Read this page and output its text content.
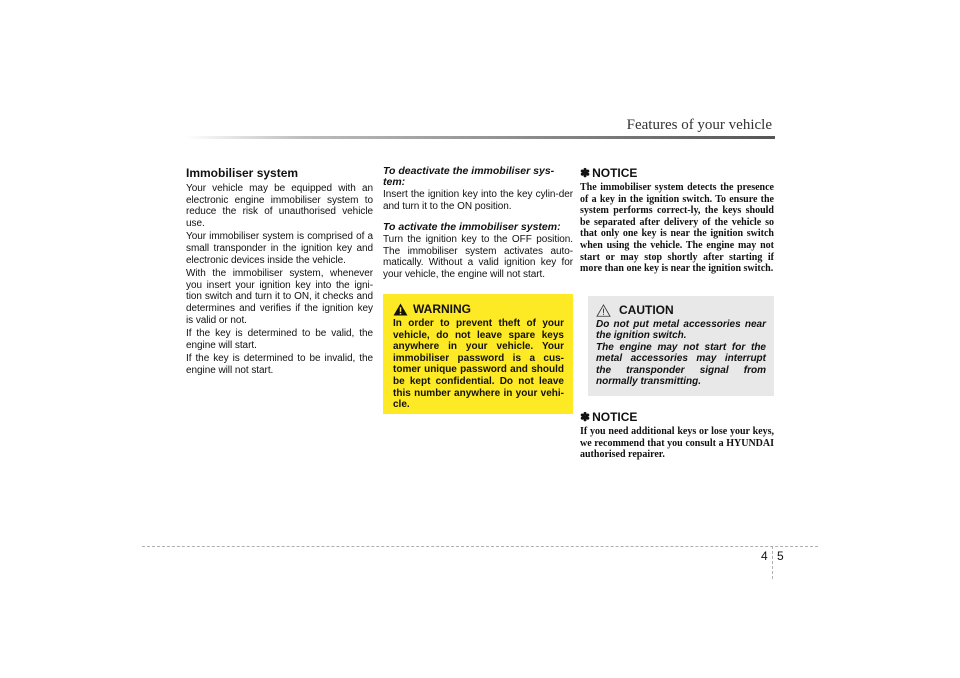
Features of your vehicle
Immobiliser system

Your vehicle may be equipped with an electronic engine immobiliser system to reduce the risk of unauthorised vehicle use.

Your immobiliser system is comprised of a small transponder in the ignition key and electronic devices inside the vehicle.

With the immobiliser system, whenever you insert your ignition key into the igni-tion switch and turn it to ON, it checks and determines and verifies if the ignition key is valid or not.

If the key is determined to be valid, the engine will start.

If the key is determined to be invalid, the engine will not start.

To deactivate the immobiliser sys-tem:

Insert the ignition key into the key cylin-der and turn it to the ON position.

To activate the immobiliser system:

Turn the ignition key to the OFF position. The immobiliser system activates auto-matically. Without a valid ignition key for your vehicle, the engine will not start.

WARNING

In order to prevent theft of your vehicle, do not leave spare keys anywhere in your vehicle. Your immobiliser password is a cus-tomer unique password and should be kept confidential. Do not leave this number anywhere in your vehi-cle.

✽ NOTICE

The immobiliser system detects the presence of a key in the ignition switch. To ensure the system performs correct-ly, the keys should be separated after delivery of the vehicle so that only one key is near the ignition switch when using the vehicle. The engine may not start or may stop shortly after starting if more than one key is near the ignition switch.

CAUTION

Do not put metal accessories near the ignition switch.

The engine may not start for the metal accessories may interrupt the transponder signal from normally transmitting.

✽ NOTICE

If you need additional keys or lose your keys, we recommend that you consult a HYUNDAI authorised repairer.

4 5
